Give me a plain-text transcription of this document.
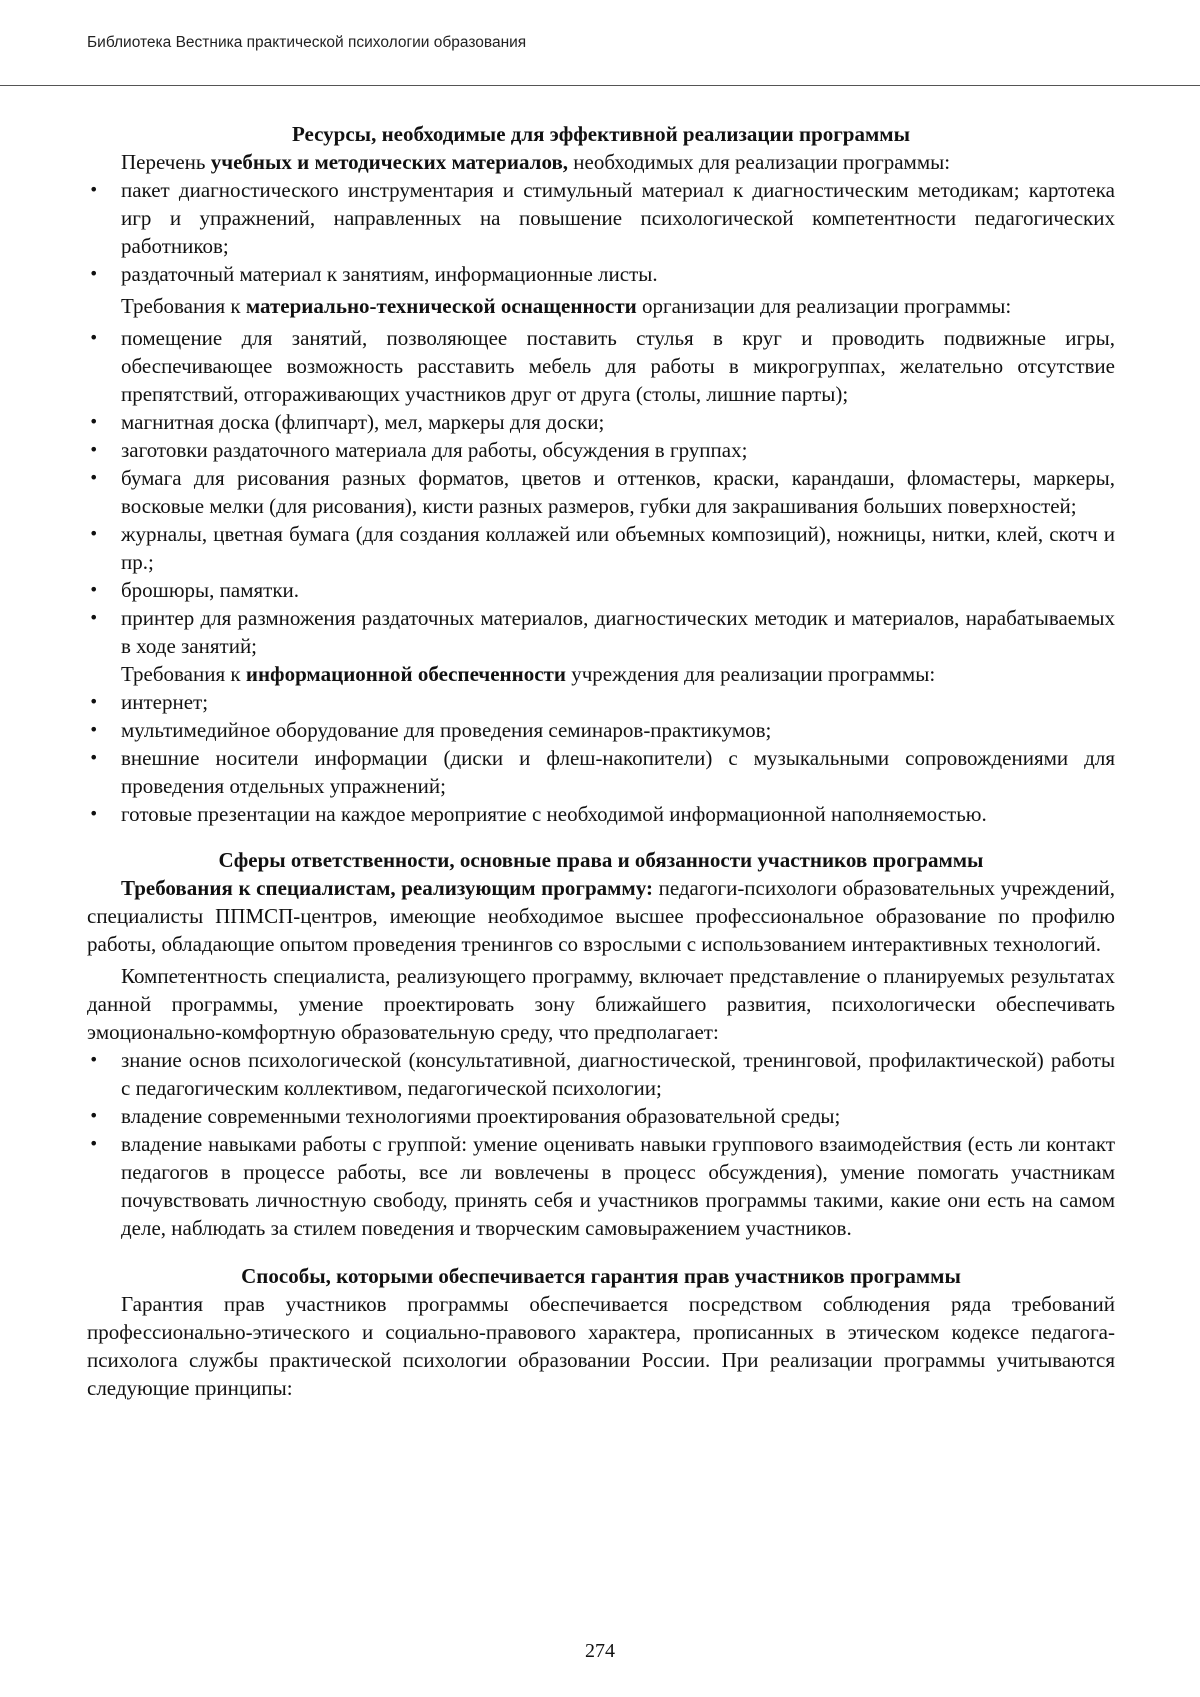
Библиотека Вестника практической психологии образования

Ресурсы, необходимые для эффективной реализации программы

Перечень учебных и методических материалов, необходимых для реализации программы:

• пакет диагностического инструментария и стимульный материал к диагностическим методикам; картотека игр и упражнений, направленных на повышение психологической компетентности педагогических работников;
• раздаточный материал к занятиям, информационные листы.

Требования к материально-технической оснащенности организации для реализации программы:

• помещение для занятий, позволяющее поставить стулья в круг и проводить подвижные игры, обеспечивающее возможность расставить мебель для работы в микрогруппах, желательно отсутствие препятствий, отгораживающих участников друг от друга (столы, лишние парты);
• магнитная доска (флипчарт), мел, маркеры для доски;
• заготовки раздаточного материала для работы, обсуждения в группах;
• бумага для рисования разных форматов, цветов и оттенков, краски, карандаши, фломастеры, маркеры, восковые мелки (для рисования), кисти разных размеров, губки для закрашивания больших поверхностей;
• журналы, цветная бумага (для создания коллажей или объемных композиций), ножницы, нитки, клей, скотч и пр.;
• брошюры, памятки.
• принтер для размножения раздаточных материалов, диагностических методик и материалов, нарабатываемых в ходе занятий;

Требования к информационной обеспеченности учреждения для реализации программы:

• интернет;
• мультимедийное оборудование для проведения семинаров-практикумов;
• внешние носители информации (диски и флеш-накопители) с музыкальными сопровождениями для проведения отдельных упражнений;
• готовые презентации на каждое мероприятие с необходимой информационной наполняемостью.

Сферы ответственности, основные права и обязанности участников программы

Требования к специалистам, реализующим программу: педагоги-психологи образовательных учреждений, специалисты ППМСП-центров, имеющие необходимое высшее профессиональное образование по профилю работы, обладающие опытом проведения тренингов со взрослыми с использованием интерактивных технологий.

Компетентность специалиста, реализующего программу, включает представление о планируемых результатах данной программы, умение проектировать зону ближайшего развития, психологически обеспечивать эмоционально-комфортную образовательную среду, что предполагает:

• знание основ психологической (консультативной, диагностической, тренинговой, профилактической) работы с педагогическим коллективом, педагогической психологии;
• владение современными технологиями проектирования образовательной среды;
• владение навыками работы с группой: умение оценивать навыки группового взаимодействия (есть ли контакт педагогов в процессе работы, все ли вовлечены в процесс обсуждения), умение помогать участникам почувствовать личностную свободу, принять себя и участников программы такими, какие они есть на самом деле, наблюдать за стилем поведения и творческим самовыражением участников.

Способы, которыми обеспечивается гарантия прав участников программы

Гарантия прав участников программы обеспечивается посредством соблюдения ряда требований профессионально-этического и социально-правового характера, прописанных в этическом кодексе педагога-психолога службы практической психологии образовании России. При реализации программы учитываются следующие принципы:

274
